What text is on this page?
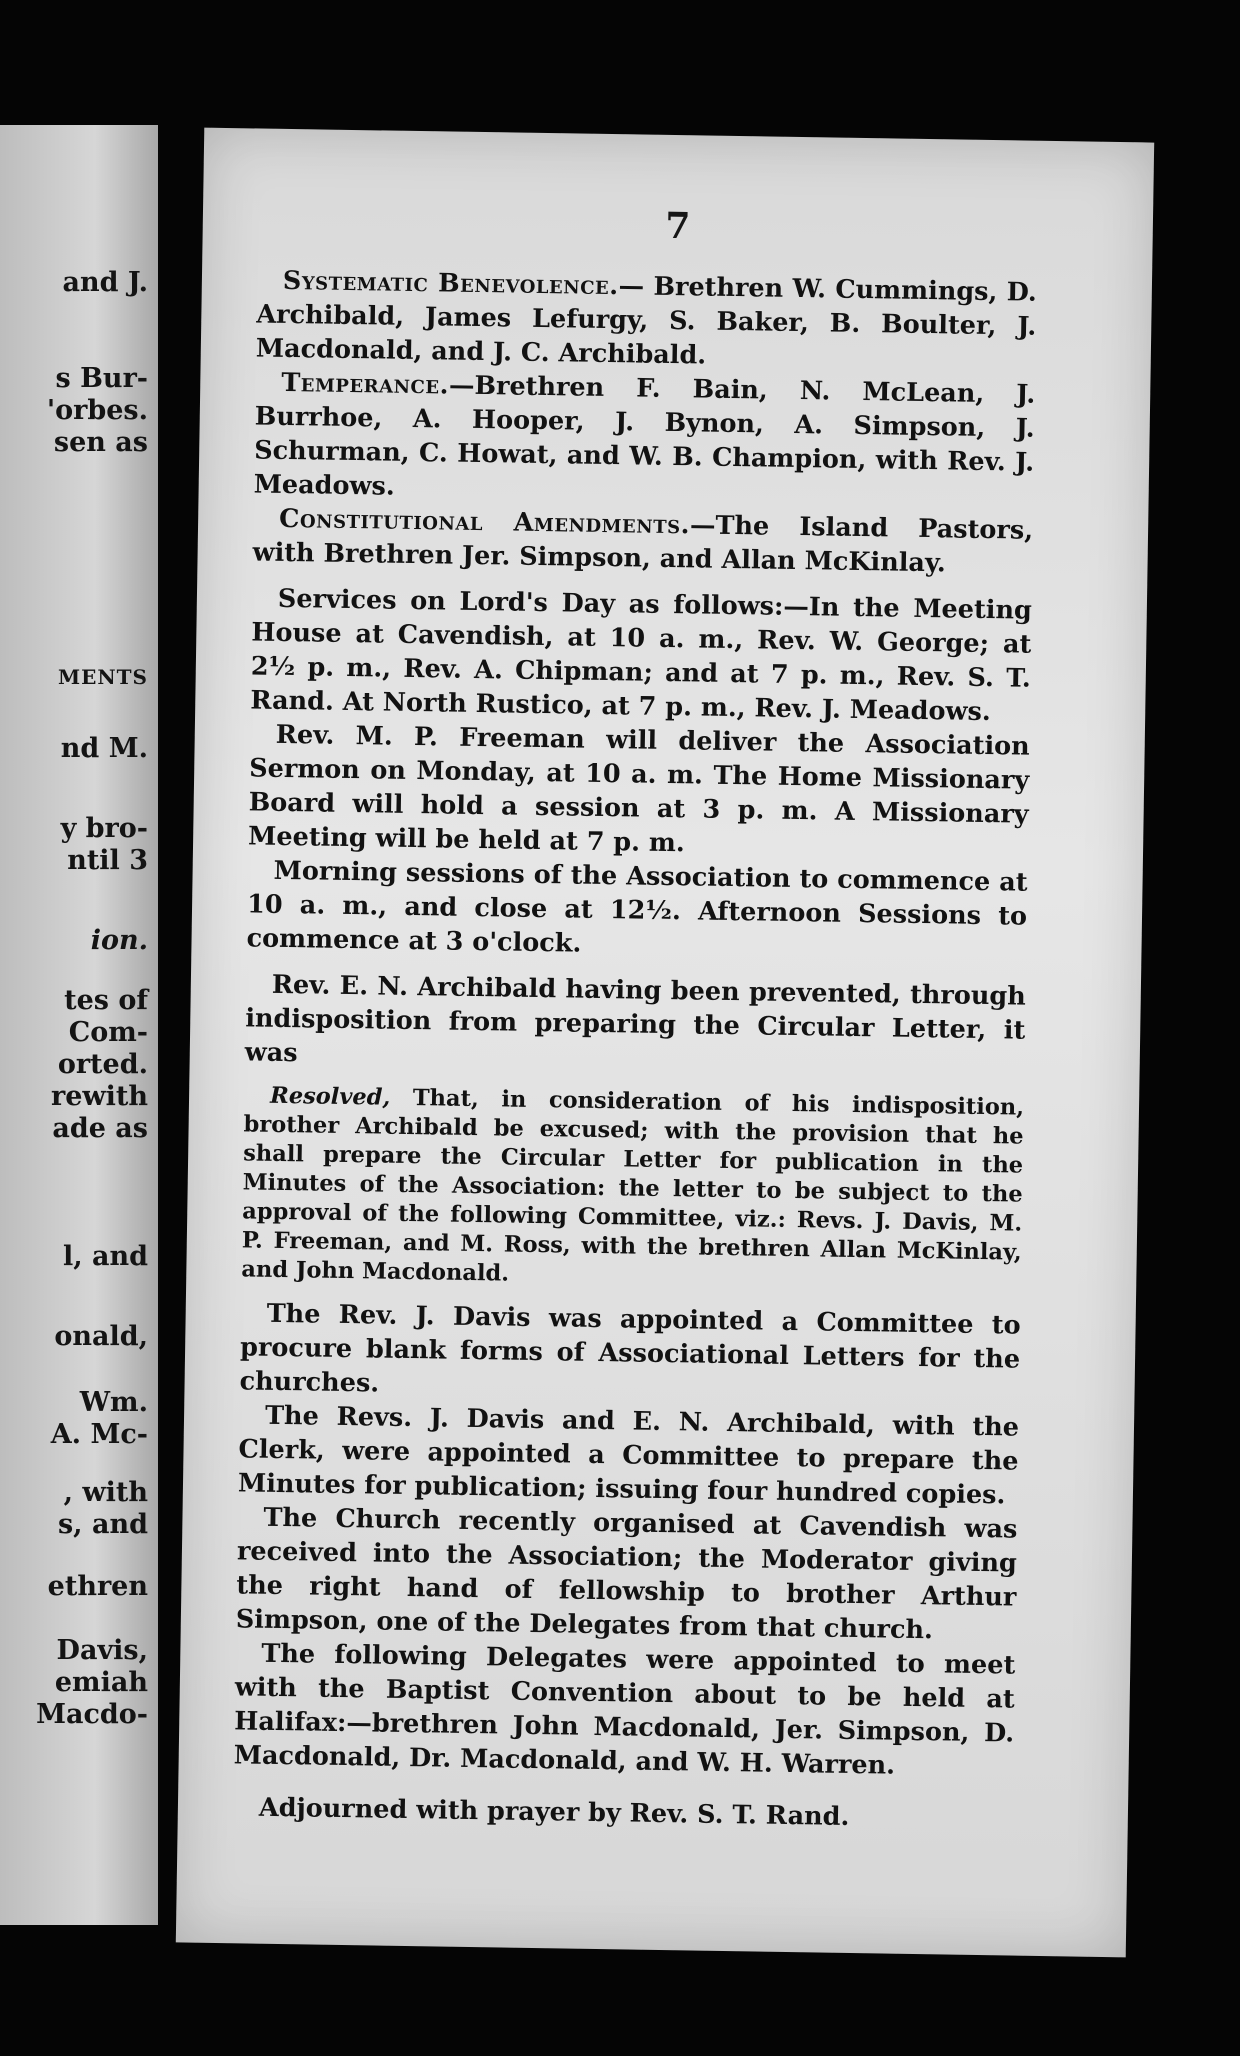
and J.

s Bur-

'orbes.

sen as

MENTS

nd M.

y bro-

ntil 3

ion.

tes of

Com-

orted.

rewith

ade as

l, and

onald,

Wm.

A. Mc-

, with

s, and

ethren

Davis,

emiah

Macdo-

7

Systematic Benevolence.— Brethren W. Cummings, D. Archibald, James Lefurgy, S. Baker, B. Boulter, J. Macdonald, and J. C. Archibald.

Temperance.—Brethren F. Bain, N. McLean, J. Burrhoe, A. Hooper, J. Bynon, A. Simpson, J. Schurman, C. Howat, and W. B. Champion, with Rev. J. Meadows.

Constitutional Amendments.—The Island Pastors, with Brethren Jer. Simpson, and Allan McKinlay.

Services on Lord's Day as follows:—In the Meeting House at Cavendish, at 10 a. m., Rev. W. George; at 2½ p. m., Rev. A. Chipman; and at 7 p. m., Rev. S. T. Rand. At North Rustico, at 7 p. m., Rev. J. Meadows.

Rev. M. P. Freeman will deliver the Association Sermon on Monday, at 10 a. m. The Home Missionary Board will hold a session at 3 p. m. A Missionary Meeting will be held at 7 p. m.

Morning sessions of the Association to commence at 10 a. m., and close at 12½. Afternoon Sessions to commence at 3 o'clock.

Rev. E. N. Archibald having been prevented, through indisposition from preparing the Circular Letter, it was

Resolved, That, in consideration of his indisposition, brother Archibald be excused; with the provision that he shall prepare the Circular Letter for publication in the Minutes of the Association: the letter to be subject to the approval of the following Committee, viz.: Revs. J. Davis, M. P. Freeman, and M. Ross, with the brethren Allan McKinlay, and John Macdonald.

The Rev. J. Davis was appointed a Committee to procure blank forms of Associational Letters for the churches.

The Revs. J. Davis and E. N. Archibald, with the Clerk, were appointed a Committee to prepare the Minutes for publication; issuing four hundred copies.

The Church recently organised at Cavendish was received into the Association; the Moderator giving the right hand of fellowship to brother Arthur Simpson, one of the Delegates from that church.

The following Delegates were appointed to meet with the Baptist Convention about to be held at Halifax:—brethren John Macdonald, Jer. Simpson, D. Macdonald, Dr. Macdonald, and W. H. Warren.

Adjourned with prayer by Rev. S. T. Rand.
